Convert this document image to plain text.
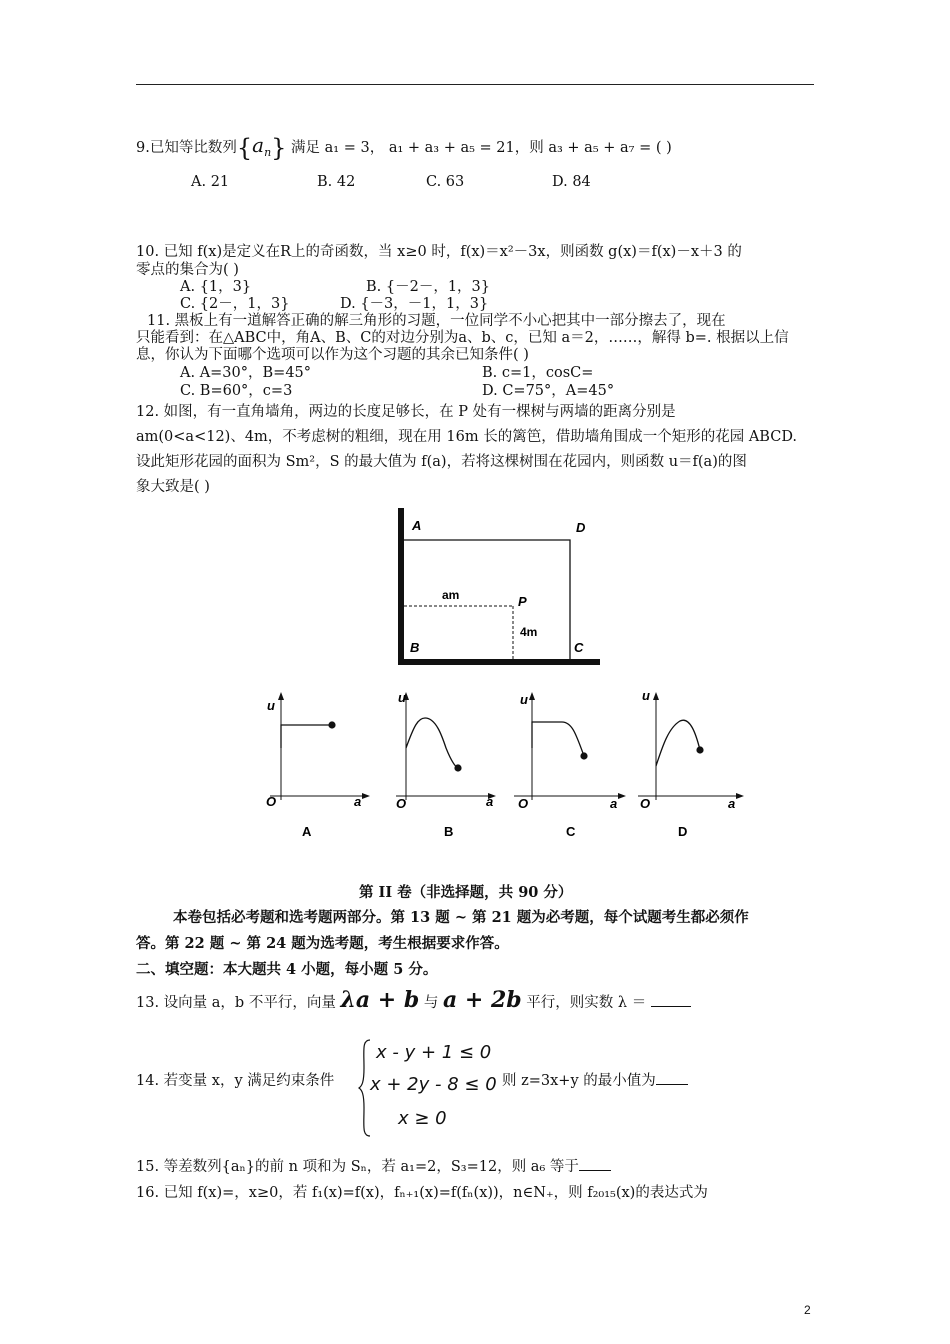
9.已知等比数列$\{a_n\}$ 满足 a₁ = 3， a₁ + a₃ + a₅ = 21，则 a₃ + a₅ + a₇ = ( )
A. 21	B. 42	C. 63	D. 84
10. 已知 f(x)是定义在R上的奇函数，当 x≥0 时，f(x)＝x²－3x，则函数 g(x)＝f(x)－x＋3 的
零点的集合为( )
A. {1，3}	B. {－2－，1，3}
C. {2－，1，3}	D. {－3，－1，1，3}
11. 黑板上有一道解答正确的解三角形的习题，一位同学不小心把其中一部分擦去了，现在
只能看到：在△ABC中，角A、B、C的对边分别为a、b、c，已知 a＝2，……，解得 b=. 根据以上信
息，你认为下面哪个选项可以作为这个习题的其余已知条件( )
A. A=30°，B=45°	B. c=1，cosC=
C. B=60°，c=3	D. C=75°，A=45°
12. 如图，有一直角墙角，两边的长度足够长，在 P 处有一棵树与两墙的距离分别是
am(0<a<12)、4m，不考虑树的粗细，现在用 16m 长的篱笆，借助墙角围成一个矩形的花园 ABCD.
设此矩形花园的面积为 Sm²，S 的最大值为 f(a)，若将这棵树围在花园内，则函数 u＝f(a)的图
象大致是( )
A	D
B	C
P
am
4m
u
O	a
A
u
O	a
B
u
O	a
C
u
O	a
D
第 II 卷（非选择题，共 90 分）
本卷包括必考题和选考题两部分。第 13 题 ~ 第 21 题为必考题，每个试题考生都必须作
答。第 22 题 ~ 第 24 题为选考题，考生根据要求作答。
二、填空题：本大题共 4 小题，每小题 5 分。
13. 设向量 a，b 不平行，向量 λa + b 与 a + 2b 平行，则实数 λ ＝
14. 若变量 x，y 满足约束条件
x - y + 1 ≤ 0
x + 2y - 8 ≤ 0
x ≥ 0
则 z=3x+y 的最小值为
15. 等差数列{aₙ}的前 n 项和为 Sₙ，若 a₁=2，S₃=12，则 a₆ 等于
16. 已知 f(x)=，x≥0，若 f₁(x)=f(x)，fₙ₊₁(x)=f(fₙ(x))，n∈N₊，则 f₂₀₁₅(x)的表达式为
2
